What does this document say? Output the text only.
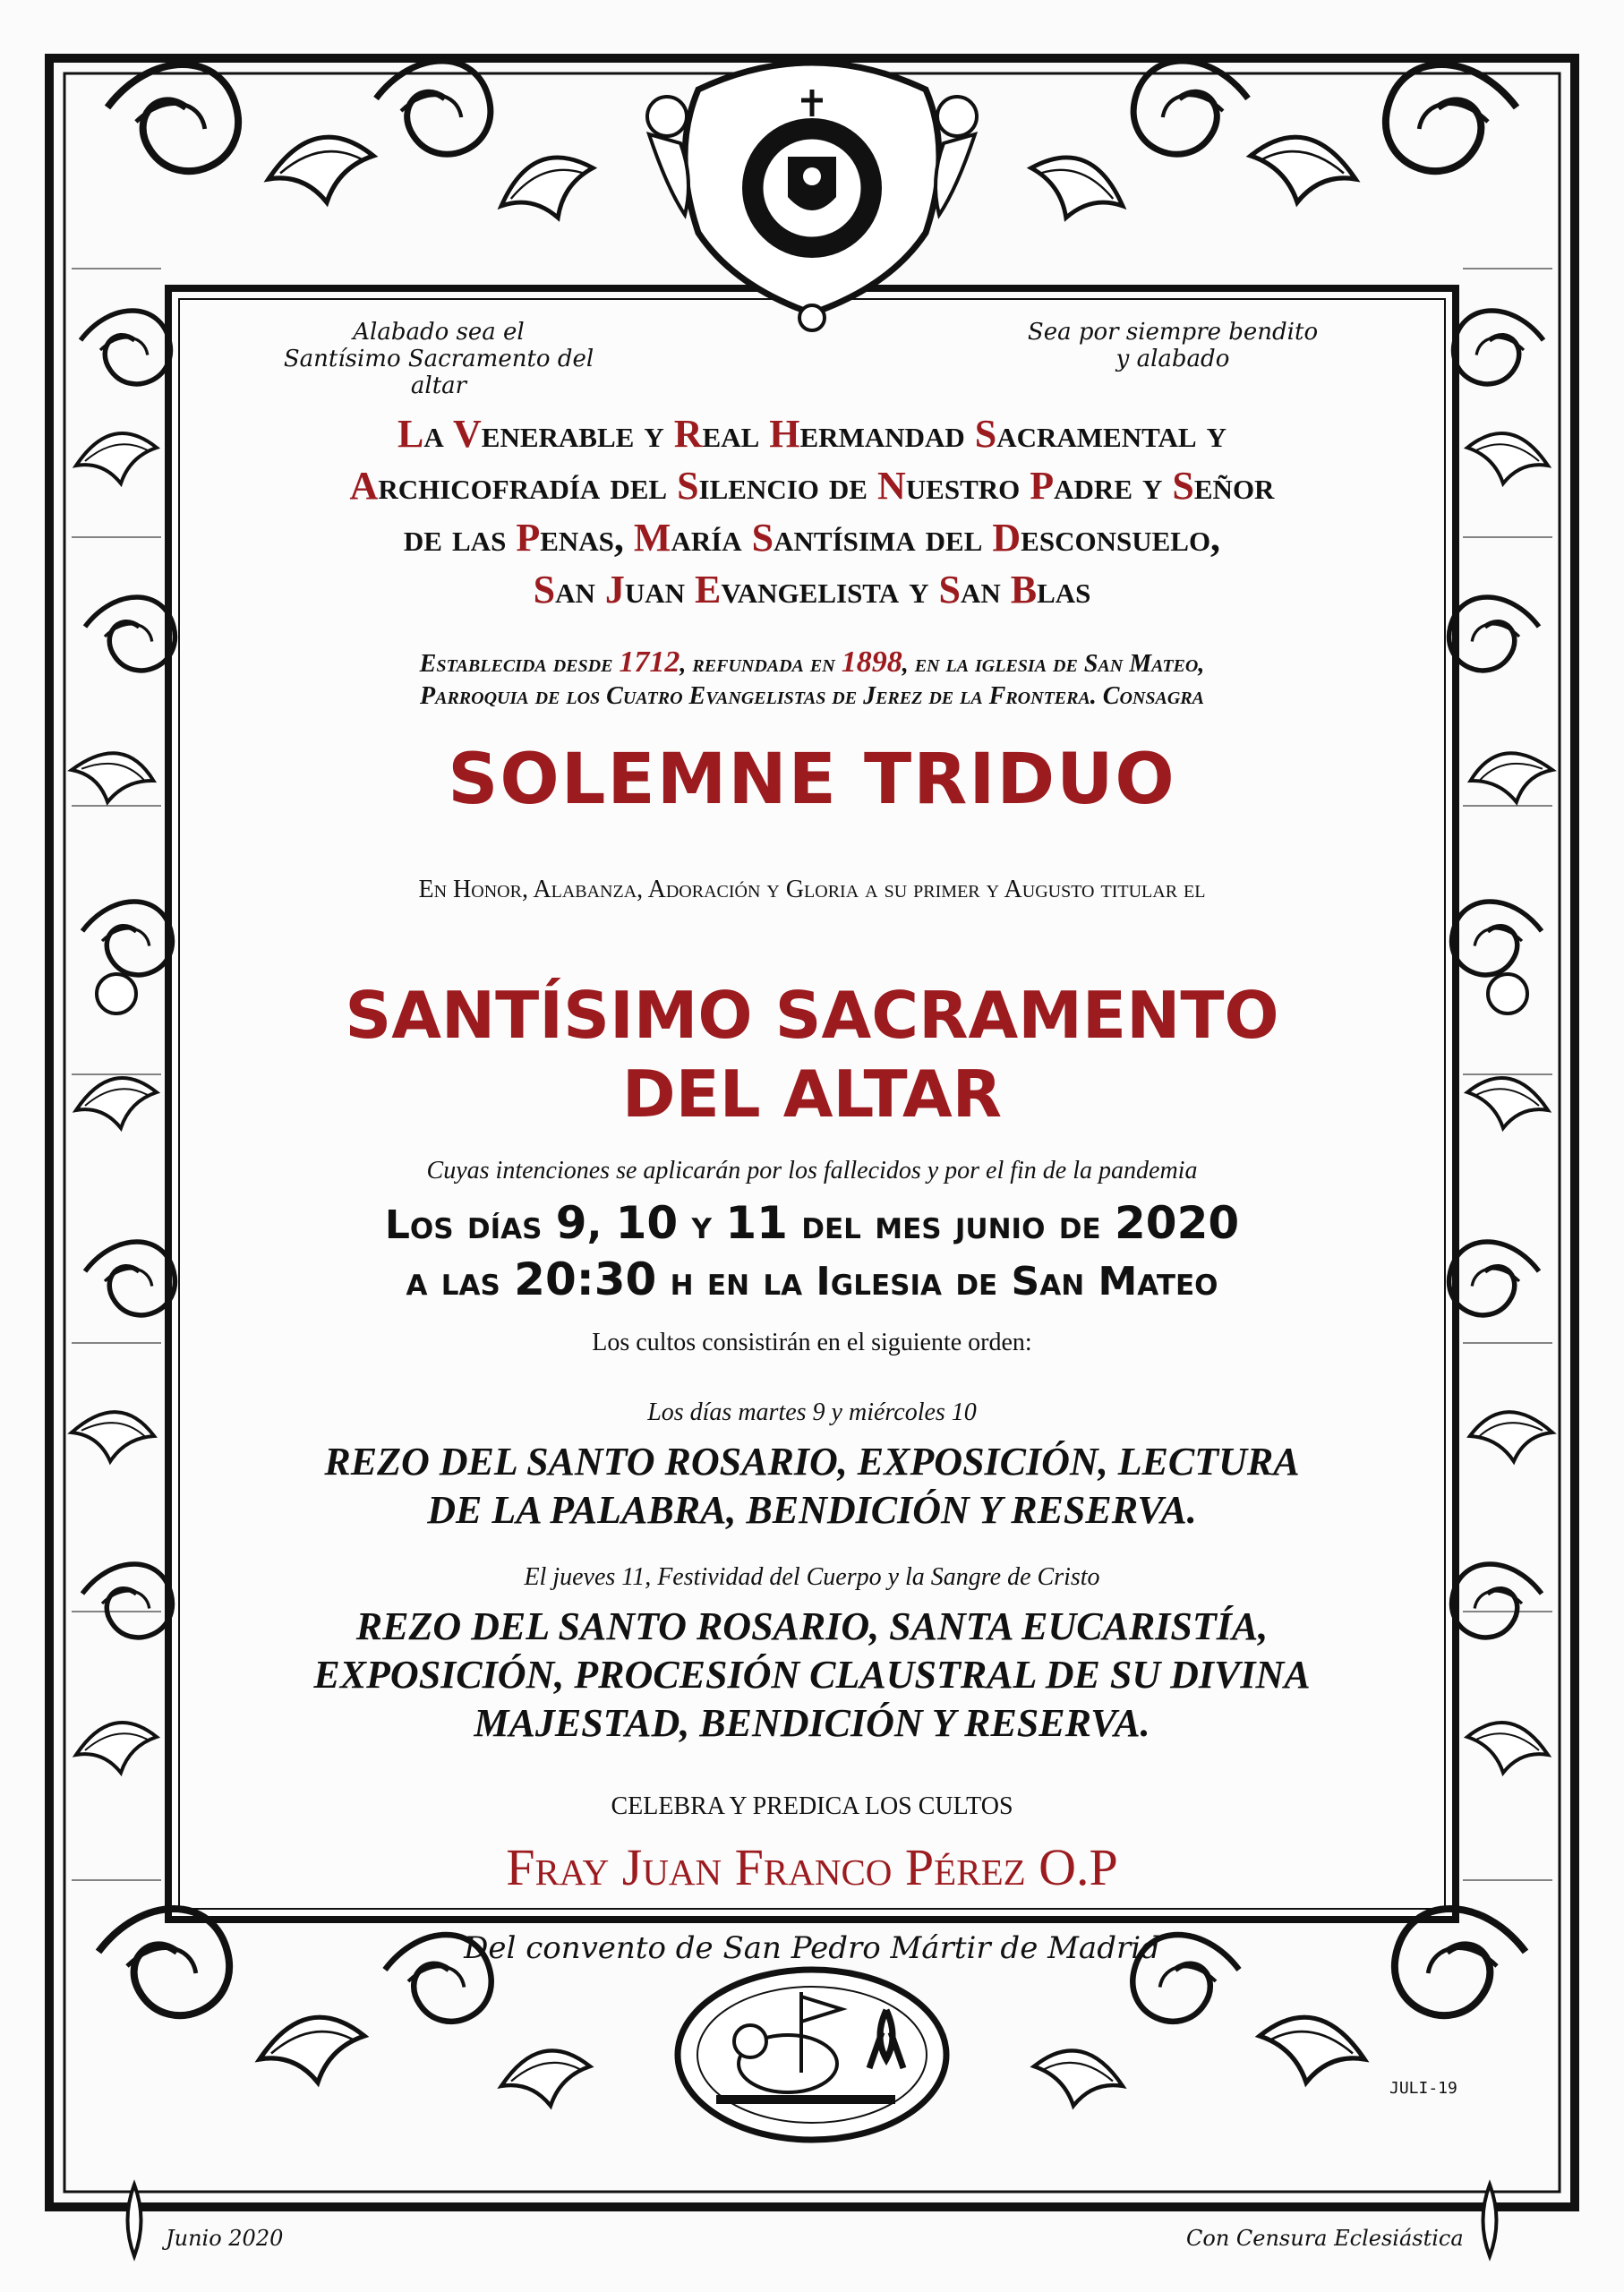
Alabado sea el
Santísimo Sacramento del altar
Sea por siempre bendito
y alabado
La Venerable y Real Hermandad Sacramental y
Archicofradía del Silencio de Nuestro Padre y Señor
de las Penas, María Santísima del Desconsuelo,
San Juan Evangelista y San Blas
Establecida desde 1712, refundada en 1898, en la iglesia de San Mateo,
Parroquia de los Cuatro Evangelistas de Jerez de la Frontera. Consagra
SOLEMNE TRIDUO
En Honor, Alabanza, Adoración y Gloria a su primer y Augusto titular el
SANTÍSIMO SACRAMENTO
DEL ALTAR
Cuyas intenciones se aplicarán por los fallecidos y por el fin de la pandemia
Los días 9, 10 y 11 del mes junio de 2020
a las 20:30 h en la Iglesia de San Mateo
Los cultos consistirán en el siguiente orden:
Los días martes 9 y miércoles 10
REZO DEL SANTO ROSARIO, EXPOSICIÓN, LECTURA
DE LA PALABRA, BENDICIÓN Y RESERVA.
El jueves 11, Festividad del Cuerpo y la Sangre de Cristo
REZO DEL SANTO ROSARIO, SANTA EUCARISTÍA,
EXPOSICIÓN, PROCESIÓN CLAUSTRAL DE SU DIVINA
MAJESTAD, BENDICIÓN Y RESERVA.
CELEBRA Y PREDICA LOS CULTOS
Fray Juan Franco Pérez O.P
Del convento de San Pedro Mártir de Madrid
JULI-19
Junio 2020	Con Censura Eclesiástica
